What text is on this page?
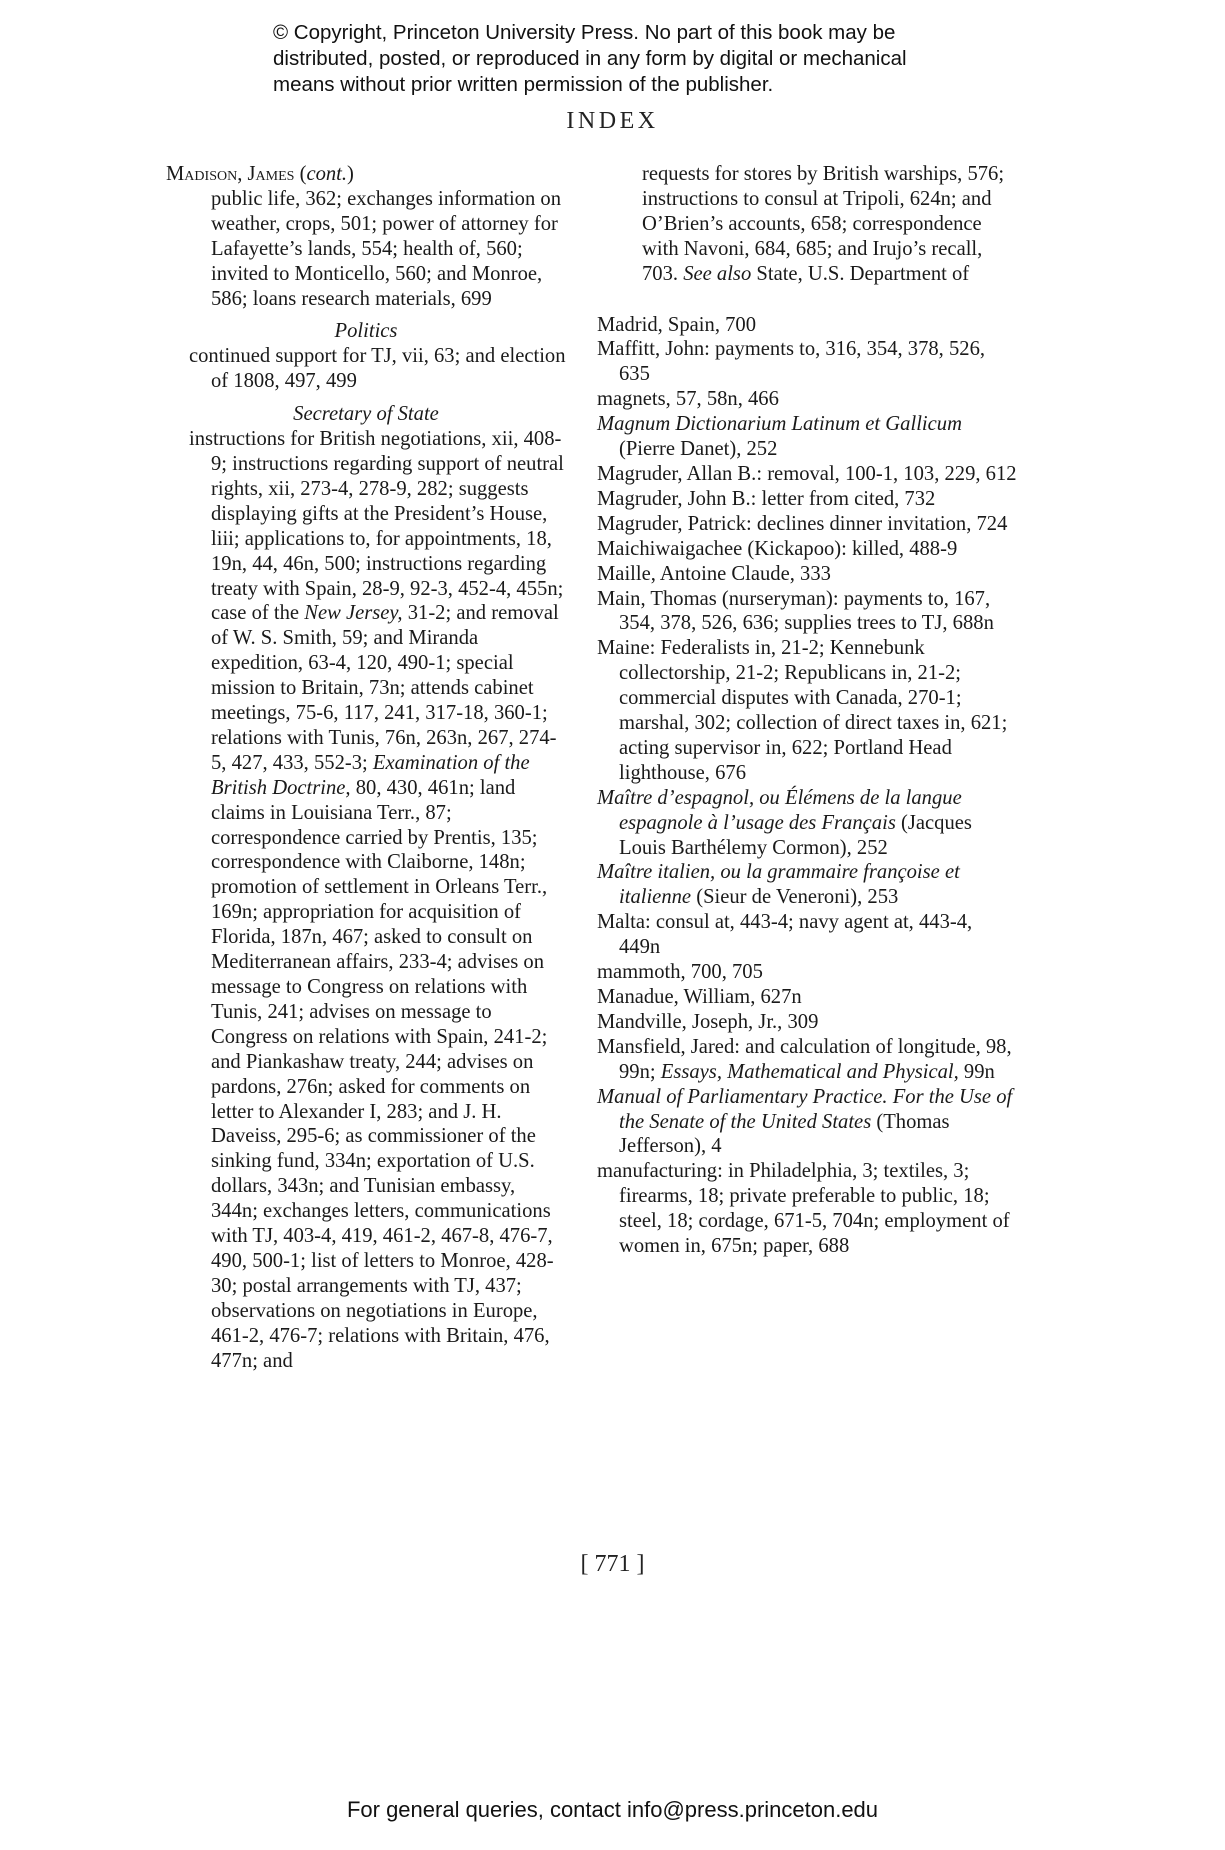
© Copyright, Princeton University Press. No part of this book may be
distributed, posted, or reproduced in any form by digital or mechanical
means without prior written permission of the publisher.
INDEX

Madison, James (cont.)

public life, 362; exchanges information on weather, crops, 501; power of attorney for Lafayette’s lands, 554; health of, 560; invited to Monticello, 560; and Monroe, 586; loans research materials, 699

Politics

continued support for TJ, vii, 63; and election of 1808, 497, 499

Secretary of State

instructions for British negotiations, xii, 408-9; instructions regarding support of neutral rights, xii, 273-4, 278-9, 282; suggests displaying gifts at the President’s House, liii; applications to, for appointments, 18, 19n, 44, 46n, 500; instructions regarding treaty with Spain, 28-9, 92-3, 452-4, 455n; case of the New Jersey, 31-2; and removal of W. S. Smith, 59; and Miranda expedition, 63-4, 120, 490-1; special mission to Britain, 73n; attends cabinet meetings, 75-6, 117, 241, 317-18, 360-1; relations with Tunis, 76n, 263n, 267, 274-5, 427, 433, 552-3; Examination of the British Doctrine, 80, 430, 461n; land claims in Louisiana Terr., 87; correspondence carried by Prentis, 135; correspondence with Claiborne, 148n; promotion of settlement in Orleans Terr., 169n; appropriation for acquisition of Florida, 187n, 467; asked to consult on Mediterranean affairs, 233-4; advises on message to Congress on relations with Tunis, 241; advises on message to Congress on relations with Spain, 241-2; and Piankashaw treaty, 244; advises on pardons, 276n; asked for comments on letter to Alexander I, 283; and J. H. Daveiss, 295-6; as commissioner of the sinking fund, 334n; exportation of U.S. dollars, 343n; and Tunisian embassy, 344n; exchanges letters, communications with TJ, 403-4, 419, 461-2, 467-8, 476-7, 490, 500-1; list of letters to Monroe, 428-30; postal arrangements with TJ, 437; observations on negotiations in Europe, 461-2, 476-7; relations with Britain, 476, 477n; and

requests for stores by British warships, 576; instructions to consul at Tripoli, 624n; and O’Brien’s accounts, 658; correspondence with Navoni, 684, 685; and Irujo’s recall, 703. See also State, U.S. Department of

Madrid, Spain, 700

Maffitt, John: payments to, 316, 354, 378, 526, 635

magnets, 57, 58n, 466

Magnum Dictionarium Latinum et Gallicum (Pierre Danet), 252

Magruder, Allan B.: removal, 100-1, 103, 229, 612

Magruder, John B.: letter from cited, 732

Magruder, Patrick: declines dinner invitation, 724

Maichiwaigachee (Kickapoo): killed, 488-9

Maille, Antoine Claude, 333

Main, Thomas (nurseryman): payments to, 167, 354, 378, 526, 636; supplies trees to TJ, 688n

Maine: Federalists in, 21-2; Kennebunk collectorship, 21-2; Republicans in, 21-2; commercial disputes with Canada, 270-1; marshal, 302; collection of direct taxes in, 621; acting supervisor in, 622; Portland Head lighthouse, 676

Maître d’espagnol, ou Élémens de la langue espagnole à l’usage des Français (Jacques Louis Barthélemy Cormon), 252

Maître italien, ou la grammaire françoise et italienne (Sieur de Veneroni), 253

Malta: consul at, 443-4; navy agent at, 443-4, 449n

mammoth, 700, 705

Manadue, William, 627n

Mandville, Joseph, Jr., 309

Mansfield, Jared: and calculation of longitude, 98, 99n; Essays, Mathematical and Physical, 99n

Manual of Parliamentary Practice. For the Use of the Senate of the United States (Thomas Jefferson), 4

manufacturing: in Philadelphia, 3; textiles, 3; firearms, 18; private preferable to public, 18; steel, 18; cordage, 671-5, 704n; employment of women in, 675n; paper, 688

[ 771 ]
For general queries, contact info@press.princeton.edu
